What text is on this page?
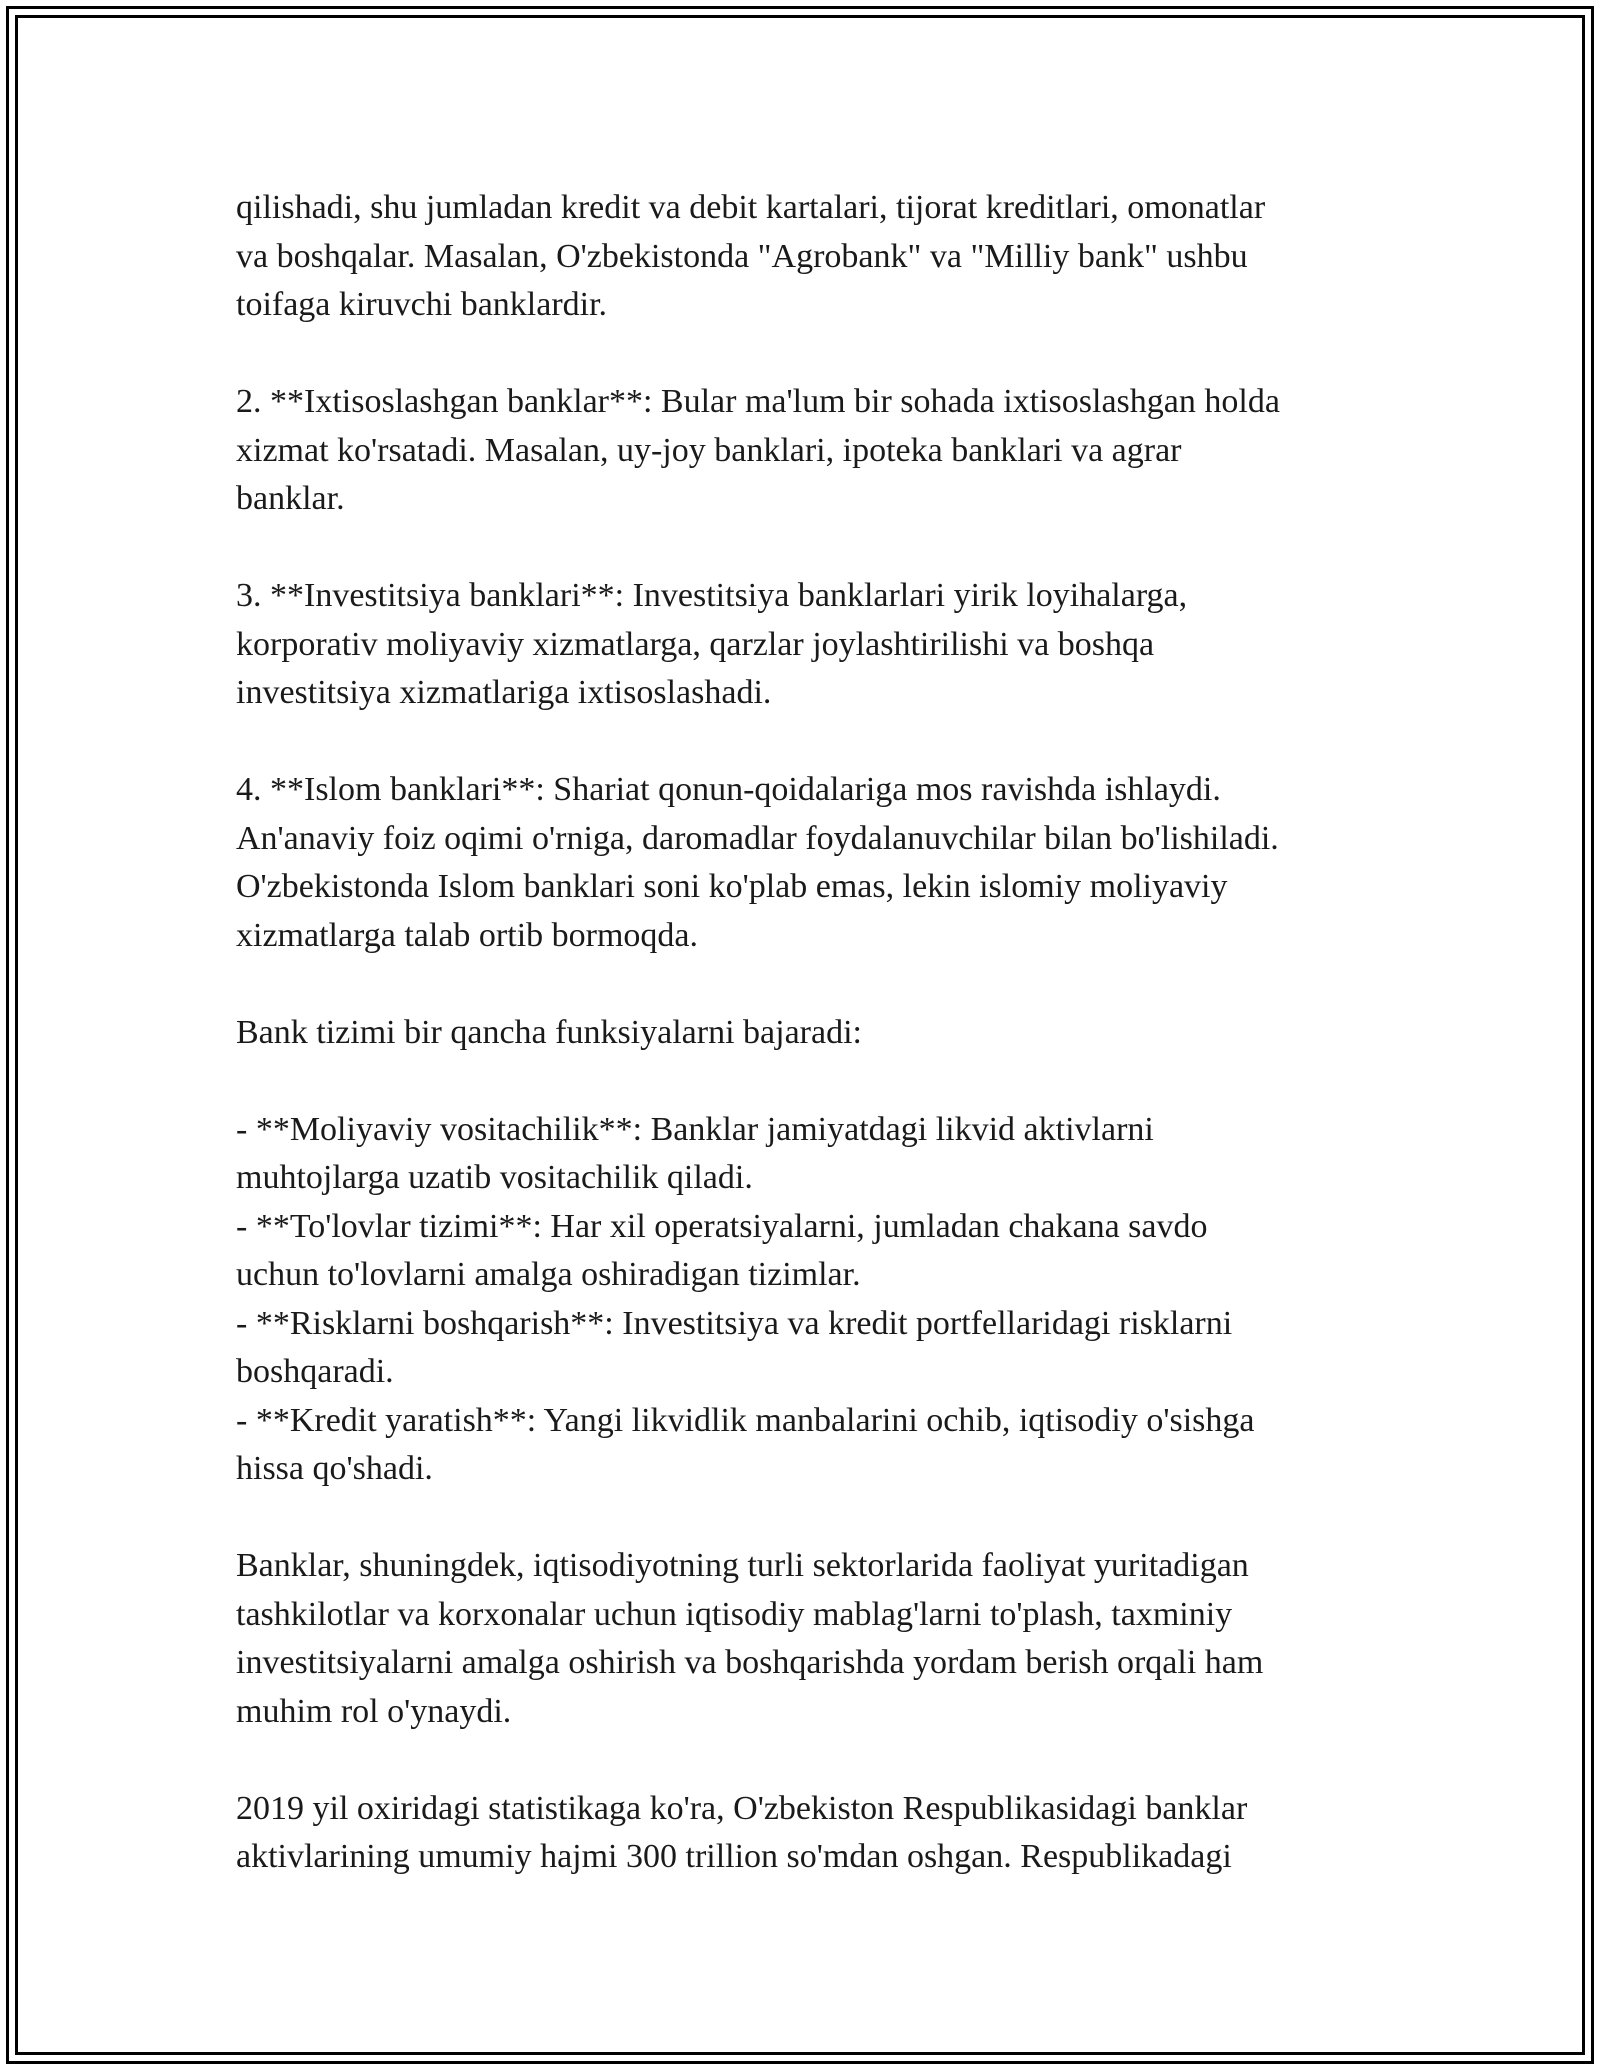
qilishadi, shu jumladan kredit va debit kartalari, tijorat kreditlari, omonatlar

va boshqalar. Masalan, O'zbekistonda "Agrobank" va "Milliy bank" ushbu

toifaga kiruvchi banklardir.

2. **Ixtisoslashgan banklar**: Bular ma'lum bir sohada ixtisoslashgan holda

xizmat ko'rsatadi. Masalan, uy-joy banklari, ipoteka banklari va agrar

banklar.

3. **Investitsiya banklari**: Investitsiya banklarlari yirik loyihalarga,

korporativ moliyaviy xizmatlarga, qarzlar joylashtirilishi va boshqa

investitsiya xizmatlariga ixtisoslashadi.

4. **Islom banklari**: Shariat qonun-qoidalariga mos ravishda ishlaydi.

An'anaviy foiz oqimi o'rniga, daromadlar foydalanuvchilar bilan bo'lishiladi.

O'zbekistonda Islom banklari soni ko'plab emas, lekin islomiy moliyaviy

xizmatlarga talab ortib bormoqda.

Bank tizimi bir qancha funksiyalarni bajaradi:

- **Moliyaviy vositachilik**: Banklar jamiyatdagi likvid aktivlarni

muhtojlarga uzatib vositachilik qiladi.

- **To'lovlar tizimi**: Har xil operatsiyalarni, jumladan chakana savdo

uchun to'lovlarni amalga oshiradigan tizimlar.

- **Risklarni boshqarish**: Investitsiya va kredit portfellaridagi risklarni

boshqaradi.

- **Kredit yaratish**: Yangi likvidlik manbalarini ochib, iqtisodiy o'sishga

hissa qo'shadi.

Banklar, shuningdek, iqtisodiyotning turli sektorlarida faoliyat yuritadigan

tashkilotlar va korxonalar uchun iqtisodiy mablag'larni to'plash, taxminiy

investitsiyalarni amalga oshirish va boshqarishda yordam berish orqali ham

muhim rol o'ynaydi.

2019 yil oxiridagi statistikaga ko'ra, O'zbekiston Respublikasidagi banklar

aktivlarining umumiy hajmi 300 trillion so'mdan oshgan. Respublikadagi
